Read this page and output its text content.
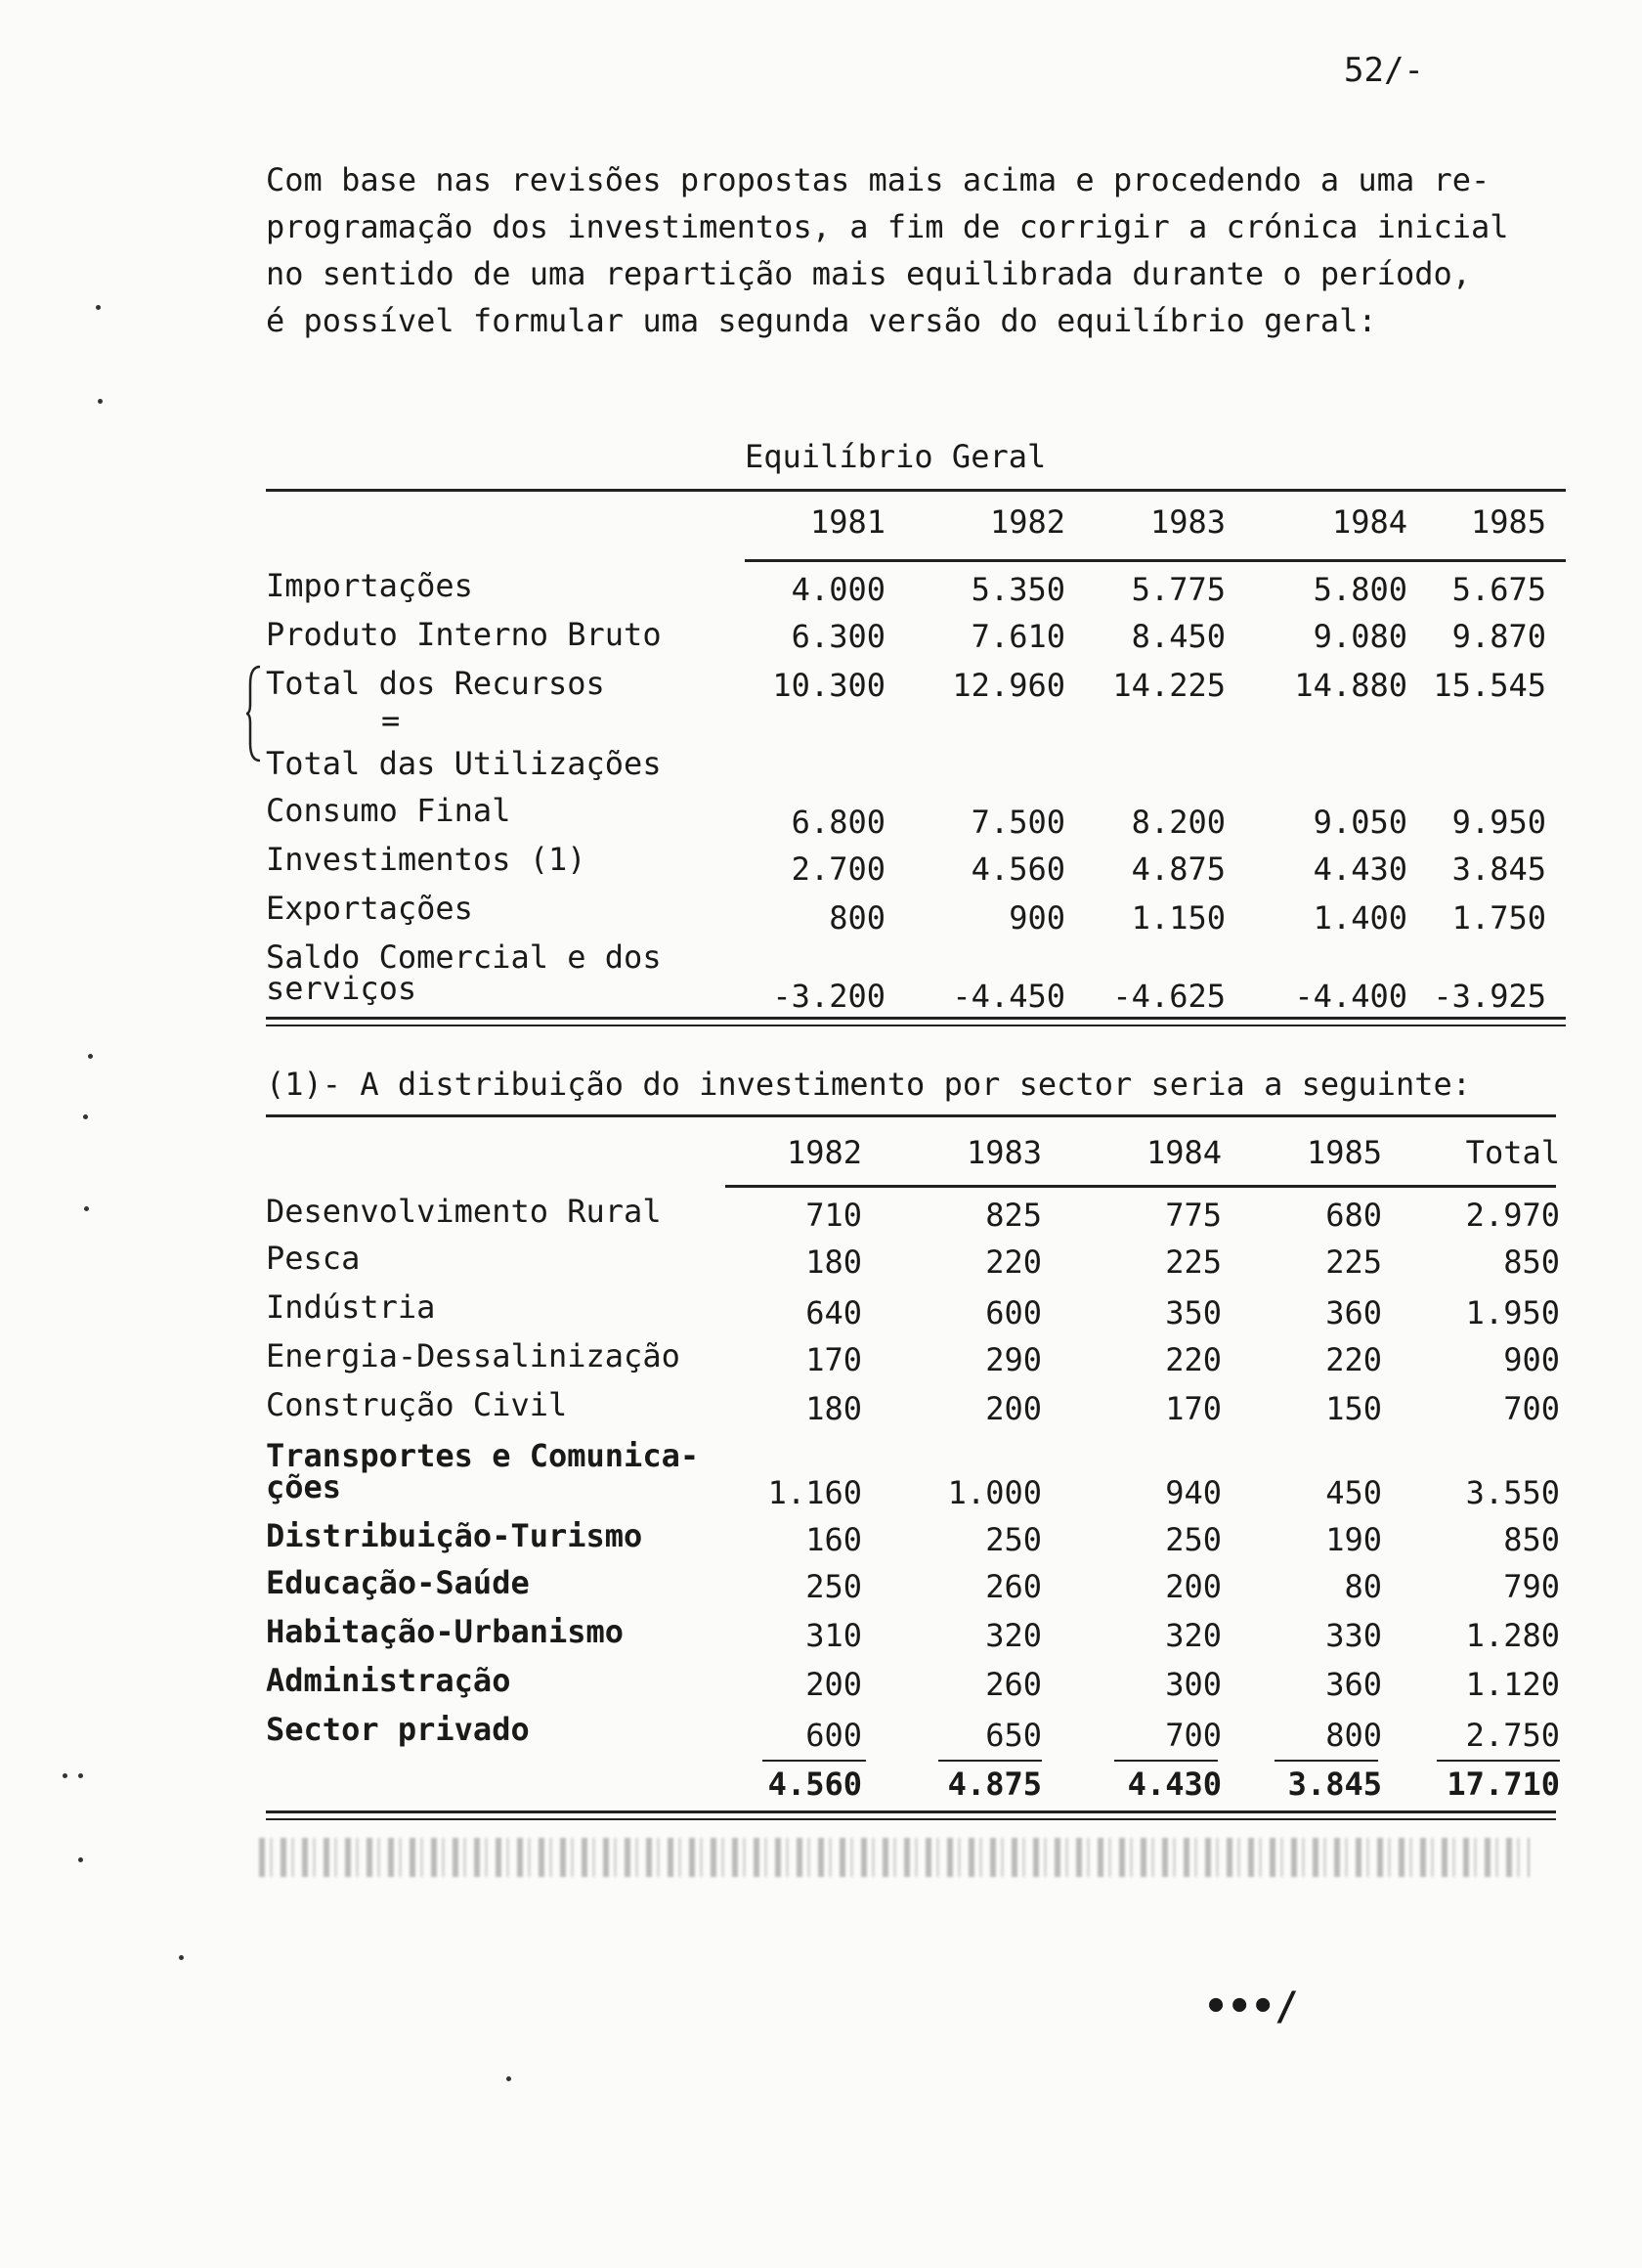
52/-

Com base nas revisões propostas mais acima e procedendo a uma re-

programação dos investimentos, a fim de corrigir a crónica inicial

no sentido de uma repartição mais equilibrada durante o período,

é possível formular uma segunda versão do equilíbrio geral:

Equilíbrio Geral
1981	1982	1983	1984	1985
Importações	4.000	5.350	5.775	5.800	5.675
Produto Interno Bruto	6.300	7.610	8.450	9.080	9.870
Total dos Recursos	10.300	12.960	14.225	14.880 15.545
=
Total das Utilizações
Consumo Final	6.800	7.500	8.200	9.050	9.950
Investimentos (1)	2.700	4.560	4.875	4.430	3.845
Exportações	800	900	1.150	1.400	1.750
Saldo Comercial e dos
serviços	-3.200	-4.450	-4.625	-4.400 -3.925
(1)- A distribuição do investimento por sector seria a seguinte:
1982	1983	1984	1985	Total
Desenvolvimento Rural	710	825	775	680	2.970
Pesca	180	220	225	225	850
Indústria	640	600	350	360	1.950
Energia-Dessalinização	170	290	220	220	900
Construção Civil	180	200	170	150	700
Transportes e Comunica-
ções	1.160	1.000	940	450	3.550
Distribuição-Turismo	160	250	250	190	850
Educação-Saúde	250	260	200	80	790
Habitação-Urbanismo	310	320	320	330	1.280
Administração	200	260	300	360	1.120
Sector privado	600	650	700	800	2.750
4.560	4.875	4.430	3.845	17.710
•••/
